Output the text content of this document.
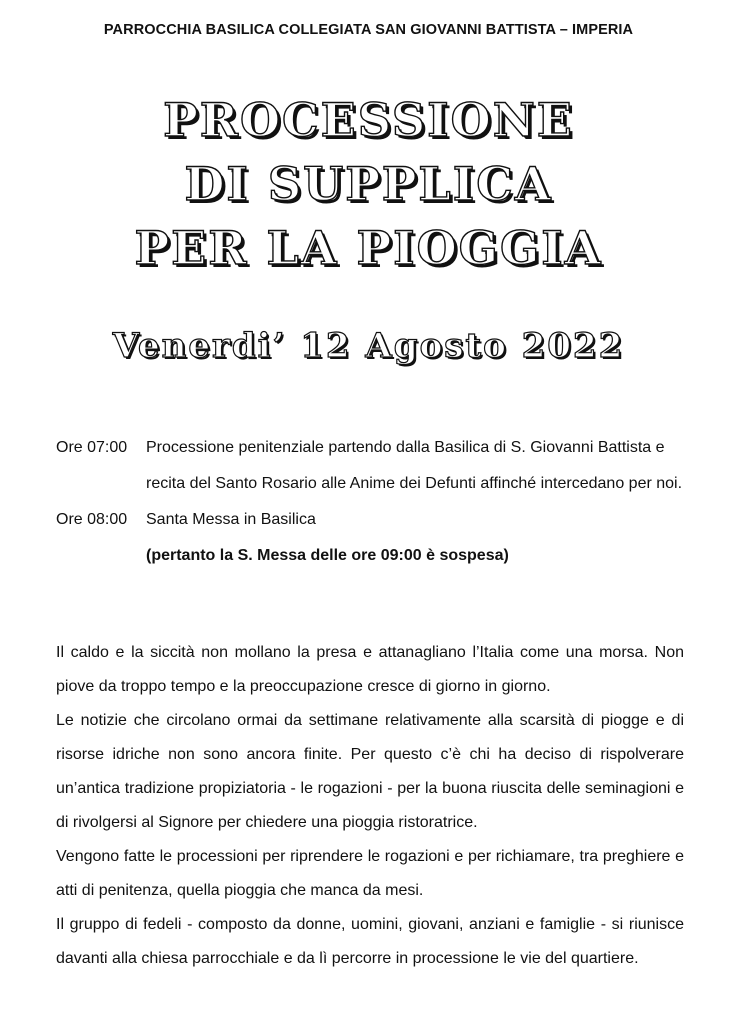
PARROCCHIA BASILICA COLLEGIATA SAN GIOVANNI BATTISTA – IMPERIA
PROCESSIONE
DI SUPPLICA
PER LA PIOGGIA
Venerdi’ 12 Agosto 2022
Ore 07:00	Processione penitenziale partendo dalla Basilica di S. Giovanni Battista e recita del Santo Rosario alle Anime dei Defunti affinché intercedano per noi.
Ore 08:00	Santa Messa in Basilica
(pertanto la S. Messa delle ore 09:00 è sospesa)

Il caldo e la siccità non mollano la presa e attanagliano l’Italia come una morsa. Non piove da troppo tempo e la preoccupazione cresce di giorno in giorno.

Le notizie che circolano ormai da settimane relativamente alla scarsità di piogge e di risorse idriche non sono ancora finite. Per questo c’è chi ha deciso di rispolverare un’antica tradizione propiziatoria - le rogazioni - per la buona riuscita delle seminagioni e di rivolgersi al Signore per chiedere una pioggia ristoratrice.

Vengono fatte le processioni per riprendere le rogazioni e per richiamare, tra preghiere e atti di penitenza, quella pioggia che manca da mesi.

Il gruppo di fedeli - composto da donne, uomini, giovani, anziani e famiglie - si riunisce davanti alla chiesa parrocchiale e da lì percorre in processione le vie del quartiere.
